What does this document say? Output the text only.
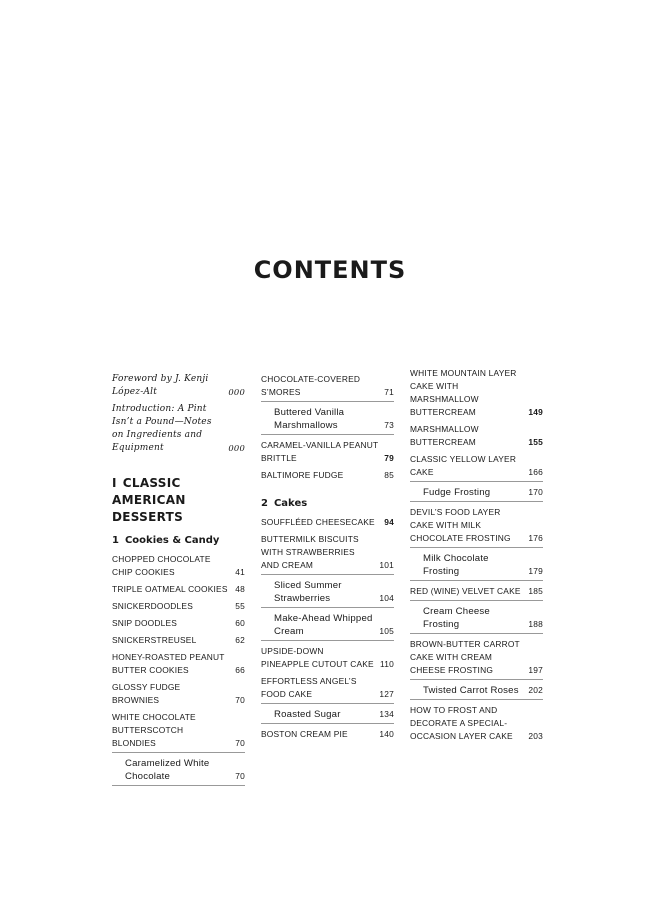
CONTENTS
Foreword by J. Kenji López-Alt	000
Introduction: A Pint Isn’t a Pound—Notes on Ingredients and Equipment	000
I CLASSIC AMERICAN DESSERTS
1 Cookies & Candy
CHOPPED CHOCOLATE CHIP COOKIES	41
TRIPLE OATMEAL COOKIES 48
SNICKERDOODLES	55
SNIP DOODLES	60
SNICKERSTREUSEL	62
HONEY-ROASTED PEANUT BUTTER COOKIES	66
GLOSSY FUDGE BROWNIES	70
WHITE CHOCOLATE BUTTERSCOTCH BLONDIES	70
Caramelized White Chocolate	70
CHOCOLATE-COVERED S’MORES	71
Buttered Vanilla Marshmallows	73
CARAMEL-VANILLA PEANUT BRITTLE	79
BALTIMORE FUDGE	85
2 Cakes
SOUFFLÉED CHEESECAKE	94
BUTTERMILK BISCUITS WITH STRAWBERRIES AND CREAM	101
Sliced Summer Strawberries	104
Make-Ahead Whipped Cream	105
UPSIDE-DOWN PINEAPPLE CUTOUT CAKE 110
EFFORTLESS ANGEL’S FOOD CAKE	127
Roasted Sugar	134
BOSTON CREAM PIE	140
WHITE MOUNTAIN LAYER CAKE WITH MARSHMALLOW BUTTERCREAM	149
MARSHMALLOW BUTTERCREAM	155
CLASSIC YELLOW LAYER CAKE	166
Fudge Frosting	170
DEVIL’S FOOD LAYER CAKE WITH MILK CHOCOLATE FROSTING	176
Milk Chocolate Frosting	179
RED (WINE) VELVET CAKE 185
Cream Cheese Frosting	188
BROWN-BUTTER CARROT CAKE WITH CREAM CHEESE FROSTING	197
Twisted Carrot Roses	202
HOW TO FROST AND DECORATE A SPECIAL-OCCASION LAYER CAKE	203
